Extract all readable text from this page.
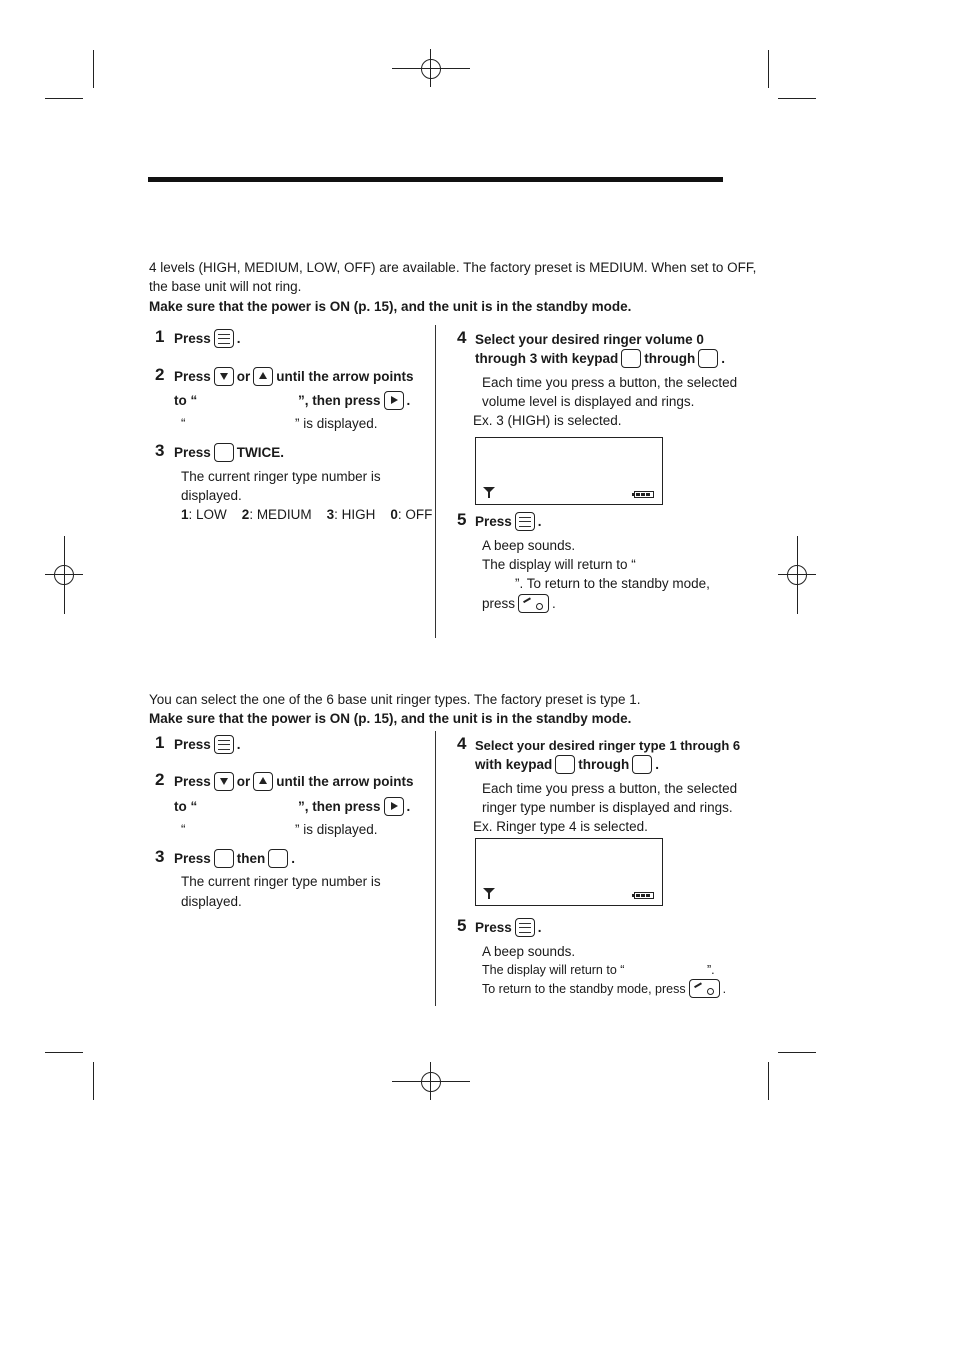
4 levels (HIGH, MEDIUM, LOW, OFF) are available. The factory preset is MEDIUM. When set to OFF,
the base unit will not ring.
Make sure that the power is ON (p. 15), and the unit is in the standby mode.
1 Press .
2 Press or until the arrow points
to “	”, then press .
“	” is displayed.
3 Press TWICE.
The current ringer type number is
displayed.
1: LOW 2: MEDIUM 3: HIGH 0: OFF
4 Select your desired ringer volume 0
through 3 with keypad through .
Each time you press a button, the selected
volume level is displayed and rings.
Ex. 3 (HIGH) is selected.
5 Press .
A beep sounds.
The display will return to “
”. To return to the standby mode,
press	.
You can select the one of the 6 base unit ringer types. The factory preset is type 1.
Make sure that the power is ON (p. 15), and the unit is in the standby mode.
1 Press .
2 Press or until the arrow points
to “	”, then press .
“	” is displayed.
3 Press then .
The current ringer type number is
displayed.
4 Select your desired ringer type 1 through 6
with keypad through .
Each time you press a button, the selected
ringer type number is displayed and rings.
Ex. Ringer type 4 is selected.
5 Press .
A beep sounds.
The display will return to “	”.
To return to the standby mode, press	.
